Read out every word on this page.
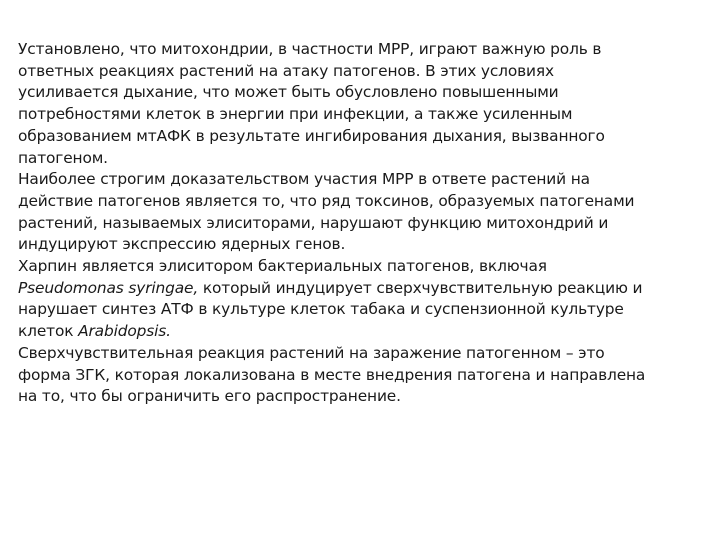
Установлено, что митохондрии, в частности МРР, играют важную роль в
ответных реакциях растений на атаку патогенов. В этих условиях
усиливается дыхание, что может быть обусловлено повышенными
потребностями клеток в энергии при инфекции, а также усиленным
образованием мтАФК в результате ингибирования дыхания, вызванного
патогеном.

Наиболее строгим доказательством участия МРР в ответе растений на
действие патогенов является то, что ряд токсинов, образуемых патогенами
растений, называемых элиситорами, нарушают функцию митохондрий и
индуцируют экспрессию ядерных генов.

Харпин является элиситором бактериальных патогенов, включая
Pseudomonas syringae, который индуцирует сверхчувствительную реакцию и
нарушает синтез АТФ в культуре клеток табака и суспензионной культуре
клеток Arabidopsis.

Сверхчувствительная реакция растений на заражение патогенном – это
форма ЗГК, которая локализована в месте внедрения патогена и направлена
на то, что бы ограничить его распространение.
